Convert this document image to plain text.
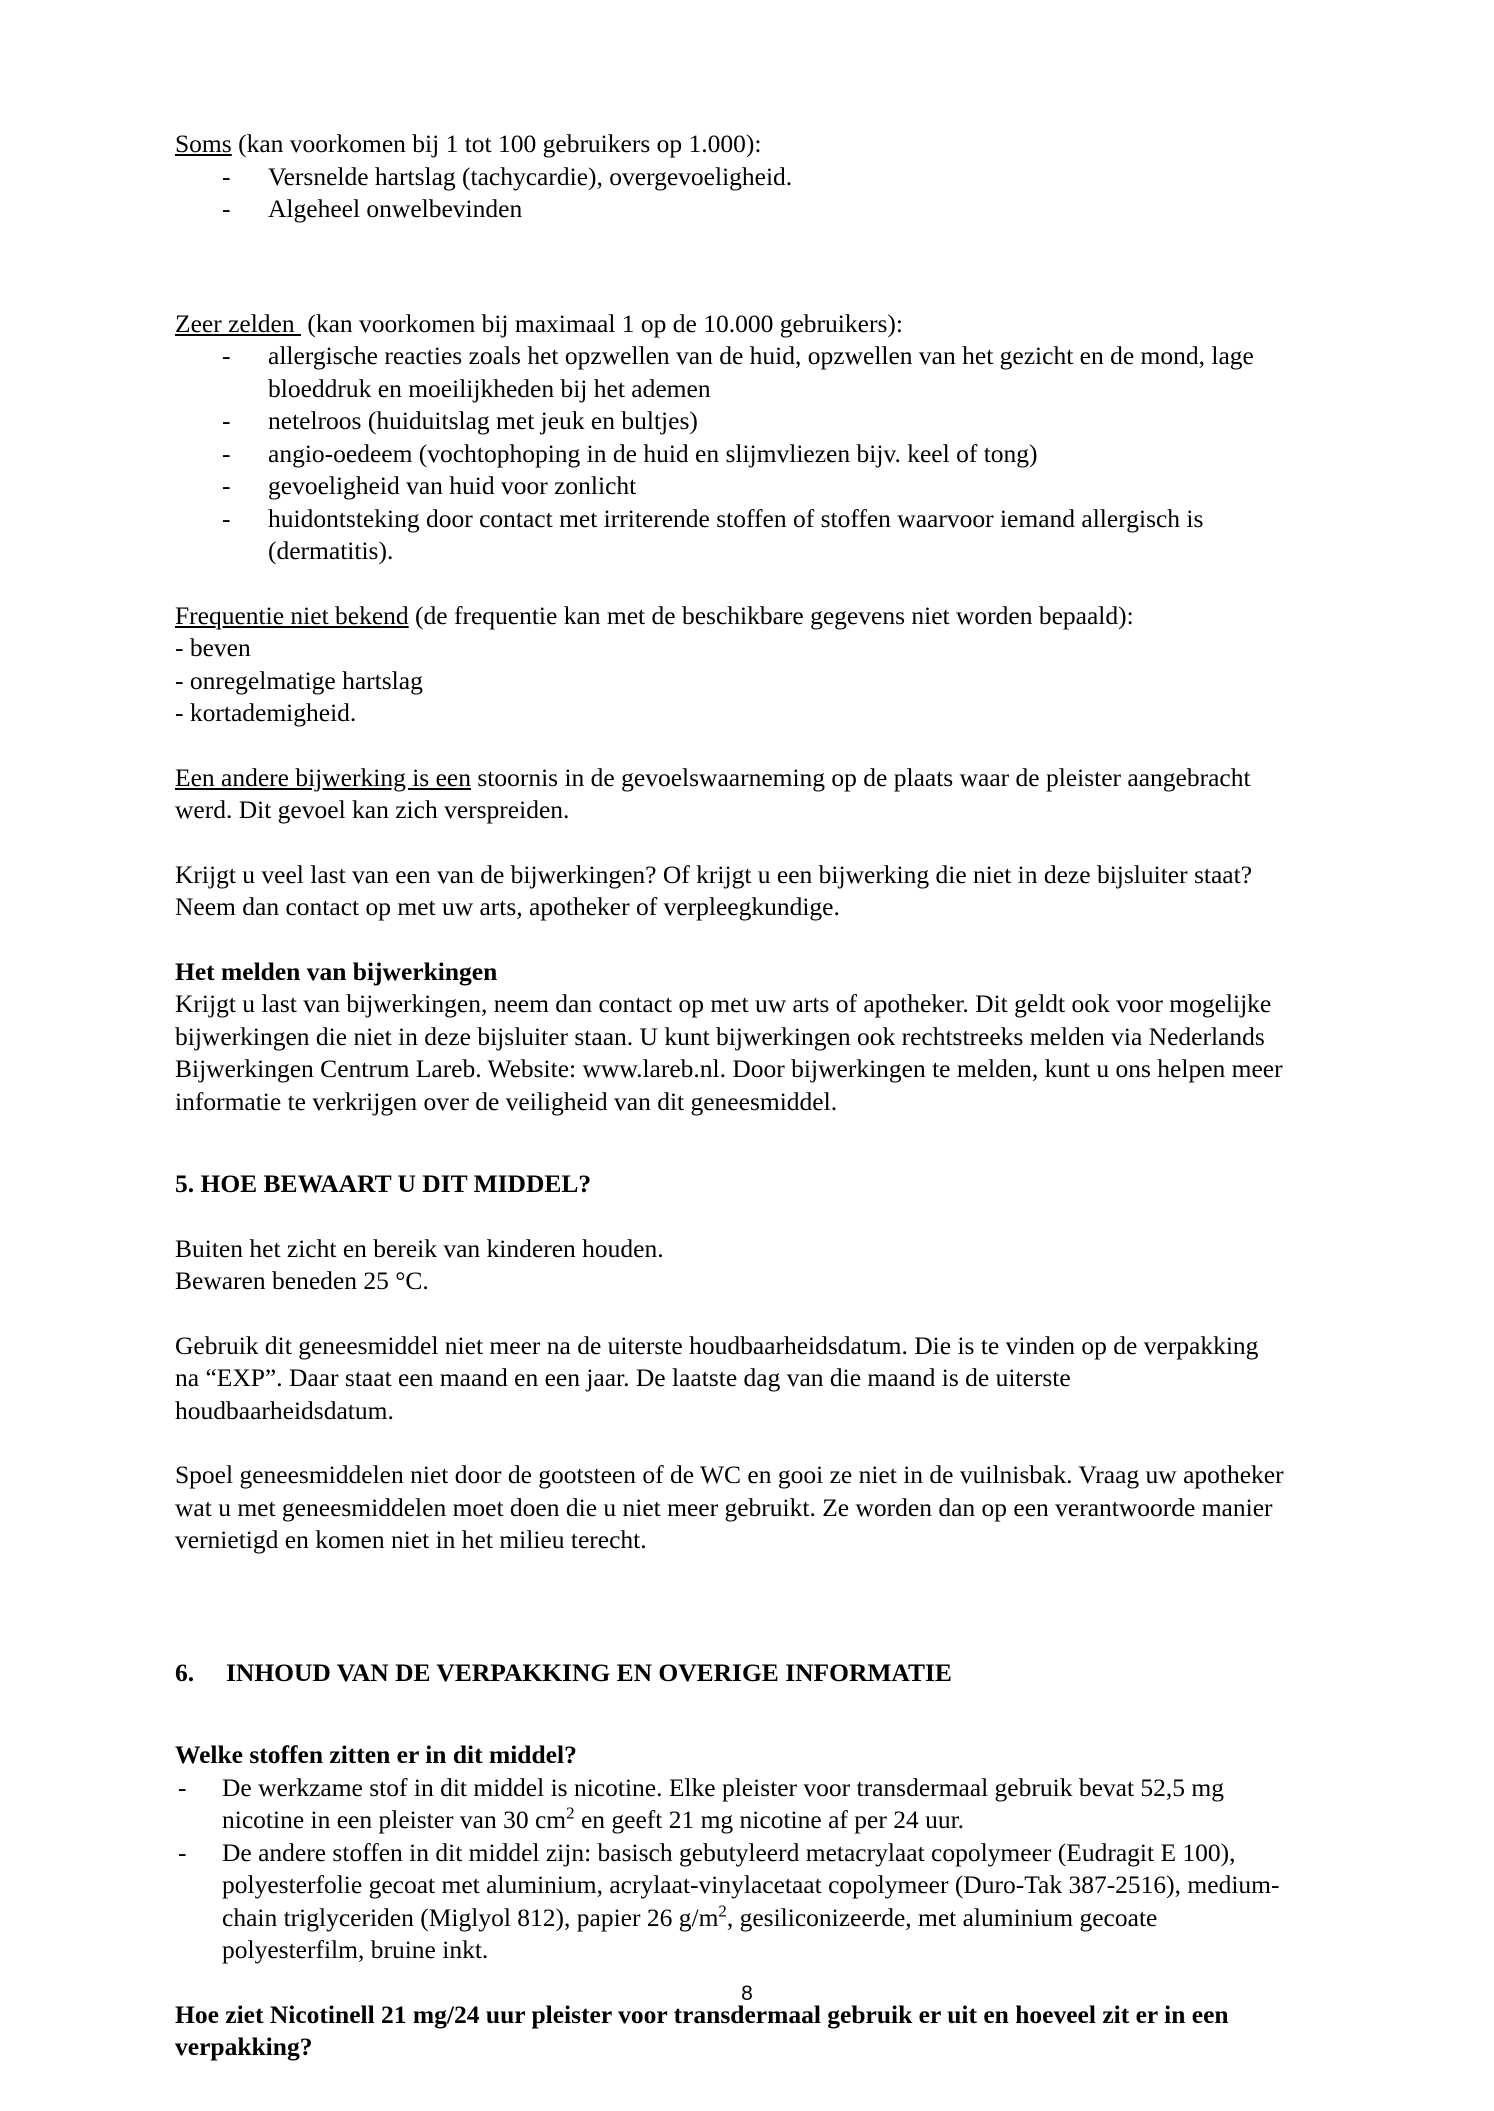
Soms (kan voorkomen bij 1 tot 100 gebruikers op 1.000):
- Versnelde hartslag (tachycardie), overgevoeligheid.
- Algeheel onwelbevinden
Zeer zelden  (kan voorkomen bij maximaal 1 op de 10.000 gebruikers):
- allergische reacties zoals het opzwellen van de huid, opzwellen van het gezicht en de mond, lage bloeddruk en moeilijkheden bij het ademen
- netelroos (huiduitslag met jeuk en bultjes)
- angio-oedeem (vochtophoping in de huid en slijmvliezen bijv. keel of tong)
- gevoeligheid van huid voor zonlicht
- huidontsteking door contact met irriterende stoffen of stoffen waarvoor iemand allergisch is (dermatitis).
Frequentie niet bekend (de frequentie kan met de beschikbare gegevens niet worden bepaald):
- beven
- onregelmatige hartslag
- kortademigheid.
Een andere bijwerking is een stoornis in de gevoelswaarneming op de plaats waar de pleister aangebracht werd. Dit gevoel kan zich verspreiden.
Krijgt u veel last van een van de bijwerkingen? Of krijgt u een bijwerking die niet in deze bijsluiter staat? Neem dan contact op met uw arts, apotheker of verpleegkundige.
Het melden van bijwerkingen
Krijgt u last van bijwerkingen, neem dan contact op met uw arts of apotheker. Dit geldt ook voor mogelijke bijwerkingen die niet in deze bijsluiter staan. U kunt bijwerkingen ook rechtstreeks melden via Nederlands Bijwerkingen Centrum Lareb. Website: www.lareb.nl. Door bijwerkingen te melden, kunt u ons helpen meer informatie te verkrijgen over de veiligheid van dit geneesmiddel.
5. HOE BEWAART U DIT MIDDEL?
Buiten het zicht en bereik van kinderen houden.
Bewaren beneden 25 °C.
Gebruik dit geneesmiddel niet meer na de uiterste houdbaarheidsdatum. Die is te vinden op de verpakking na “EXP”. Daar staat een maand en een jaar. De laatste dag van die maand is de uiterste houdbaarheidsdatum.
Spoel geneesmiddelen niet door de gootsteen of de WC en gooi ze niet in de vuilnisbak. Vraag uw apotheker wat u met geneesmiddelen moet doen die u niet meer gebruikt. Ze worden dan op een verantwoorde manier vernietigd en komen niet in het milieu terecht.
6.	INHOUD VAN DE VERPAKKING EN OVERIGE INFORMATIE
Welke stoffen zitten er in dit middel?
- De werkzame stof in dit middel is nicotine. Elke pleister voor transdermaal gebruik bevat 52,5 mg nicotine in een pleister van 30 $cm^2$ en geeft 21 mg nicotine af per 24 uur.
- De andere stoffen in dit middel zijn: basisch gebutyleerd metacrylaat copolymeer (Eudragit E 100), polyesterfolie gecoat met aluminium, acrylaat-vinylacetaat copolymeer (Duro-Tak 387-2516), medium-chain triglyceriden (Miglyol 812), papier 26 $g/m^2$, gesiliconizeerde, met aluminium gecoate polyesterfilm, bruine inkt.
Hoe ziet Nicotinell 21 mg/24 uur pleister voor transdermaal gebruik er uit en hoeveel zit er in een verpakking?
8
